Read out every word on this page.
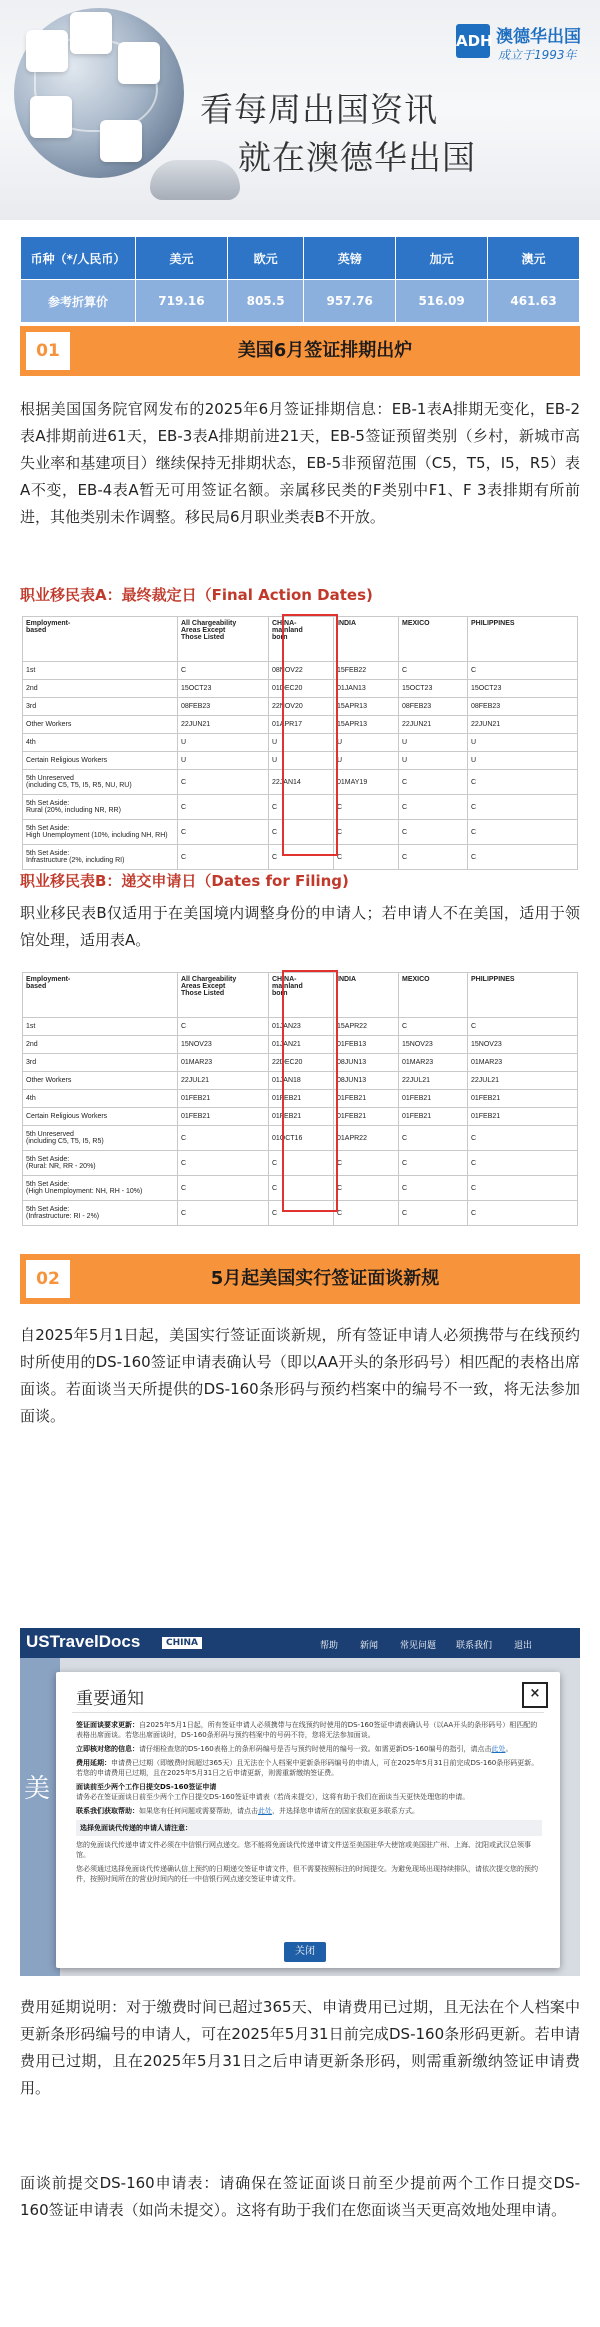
ADH 澳德华出国
成立于1993年
看每周出国资讯
就在澳德华出国
币种（*/人民币）	美元	欧元	英镑	加元	澳元
参考折算价	719.16	805.5	957.76	516.09	461.63
01	美国6月签证排期出炉

根据美国国务院官网发布的2025年6月签证排期信息：EB-1表A排期无变化，EB-2表A排期前进61天，EB-3表A排期前进21天，EB-5签证预留类别（乡村，新城市高失业率和基建项目）继续保持无排期状态，EB-5非预留范围（C5，T5，I5，R5）表A不变，EB-4表A暂无可用签证名额。亲属移民类的F类别中F1、F 3表排期有所前进，其他类别未作调整。移民局6月职业类表B不开放。

职业移民表A：最终裁定日（Final Action Dates)
Employment-
based	All Chargeability
Areas Except
Those Listed	CHINA-
mainland
born	INDIA	MEXICO	PHILIPPINES
1st	C	08NOV22	15FEB22	C	C
2nd	15OCT23	01DEC20	01JAN13	15OCT23	15OCT23
3rd	08FEB23	22NOV20	15APR13	08FEB23	08FEB23
Other Workers	22JUN21	01APR17	15APR13	22JUN21	22JUN21
4th	U	U	U	U	U
Certain Religious Workers	U	U	U	U	U
5th Unreserved
(including C5, T5, I5, R5, NU, RU)	C	22JAN14	01MAY19	C	C
5th Set Aside:
Rural (20%, including NR, RR)	C	C	C	C	C
5th Set Aside:
High Unemployment (10%, including NH, RH)	C	C	C	C	C
5th Set Aside:
Infrastructure (2%, including RI)	C	C	C	C	C
职业移民表B：递交申请日（Dates for Filing)

职业移民表B仅适用于在美国境内调整身份的申请人；若申请人不在美国，适用于领馆处理，适用表A。

Employment-
based	All Chargeability
Areas Except
Those Listed	CHINA-
mainland
born	INDIA	MEXICO	PHILIPPINES
1st	C	01JAN23	15APR22	C	C
2nd	15NOV23	01JAN21	01FEB13	15NOV23	15NOV23
3rd	01MAR23	22DEC20	08JUN13	01MAR23	01MAR23
Other Workers	22JUL21	01JAN18	08JUN13	22JUL21	22JUL21
4th	01FEB21	01FEB21	01FEB21	01FEB21	01FEB21
Certain Religious Workers	01FEB21	01FEB21	01FEB21	01FEB21	01FEB21
5th Unreserved
(including C5, T5, I5, R5)	C	01OCT16	01APR22	C	C
5th Set Aside:
(Rural: NR, RR - 20%)	C	C	C	C	C
5th Set Aside:
(High Unemployment: NH, RH - 10%)	C	C	C	C	C
5th Set Aside:
(Infrastructure: RI - 2%)	C	C	C	C	C
02	5月起美国实行签证面谈新规

自2025年5月1日起，美国实行签证面谈新规，所有签证申请人必须携带与在线预约时所使用的DS-160签证申请表确认号（即以AA开头的条形码号）相匹配的表格出席面谈。若面谈当天所提供的DS-160条形码与预约档案中的编号不一致，将无法参加面谈。

USTravelDocs	CHINA	帮助 新闻 常见问题 联系我们 退出
美
重要通知	×

签证面谈要求更新：自2025年5月1日起，所有签证申请人必须携带与在线预约时使用的DS-160签证申请表确认号（以AA开头的条形码号）相匹配的表格出席面谈。若您出席面谈时，DS-160条形码与预约档案中的号码不符，您将无法参加面谈。

立即核对您的信息：请仔细检查您的DS-160表格上的条形码编号是否与预约时使用的编号一致。如需更新DS-160编号的指引，请点击此处。

费用延期：申请费已过期（即缴费时间超过365天）且无法在个人档案中更新条形码编号的申请人，可在2025年5月31日前完成DS-160条形码更新。若您的申请费用已过期，且在2025年5月31日之后申请更新，则需重新缴纳签证费。

面谈前至少两个工作日提交DS-160签证申请
请务必在签证面谈日前至少两个工作日提交DS-160签证申请表（若尚未提交），这将有助于我们在面谈当天更快处理您的申请。

联系我们获取帮助：如果您有任何问题或需要帮助，请点击此处，并选择您申请所在的国家获取更多联系方式。

选择免面谈代传递的申请人请注意：

您的免面谈代传递申请文件必须在中信银行网点递交。您不能将免面谈代传递申请文件送至美国驻华大使馆或美国驻广州、上海、沈阳或武汉总领事馆。

您必须通过选择免面谈代传递确认信上预约的日期递交签证申请文件，但不需要按照标注的时间提交。为避免现场出现持续排队，请依次提交您的预约件，按照时间所在的营业时间内的任一中信银行网点递交签证申请文件。

关闭

费用延期说明：对于缴费时间已超过365天、申请费用已过期，且无法在个人档案中更新条形码编号的申请人，可在2025年5月31日前完成DS-160条形码更新。若申请费用已过期，且在2025年5月31日之后申请更新条形码，则需重新缴纳签证申请费用。

面谈前提交DS-160申请表：请确保在签证面谈日前至少提前两个工作日提交DS-160签证申请表（如尚未提交）。这将有助于我们在您面谈当天更高效地处理申请。
